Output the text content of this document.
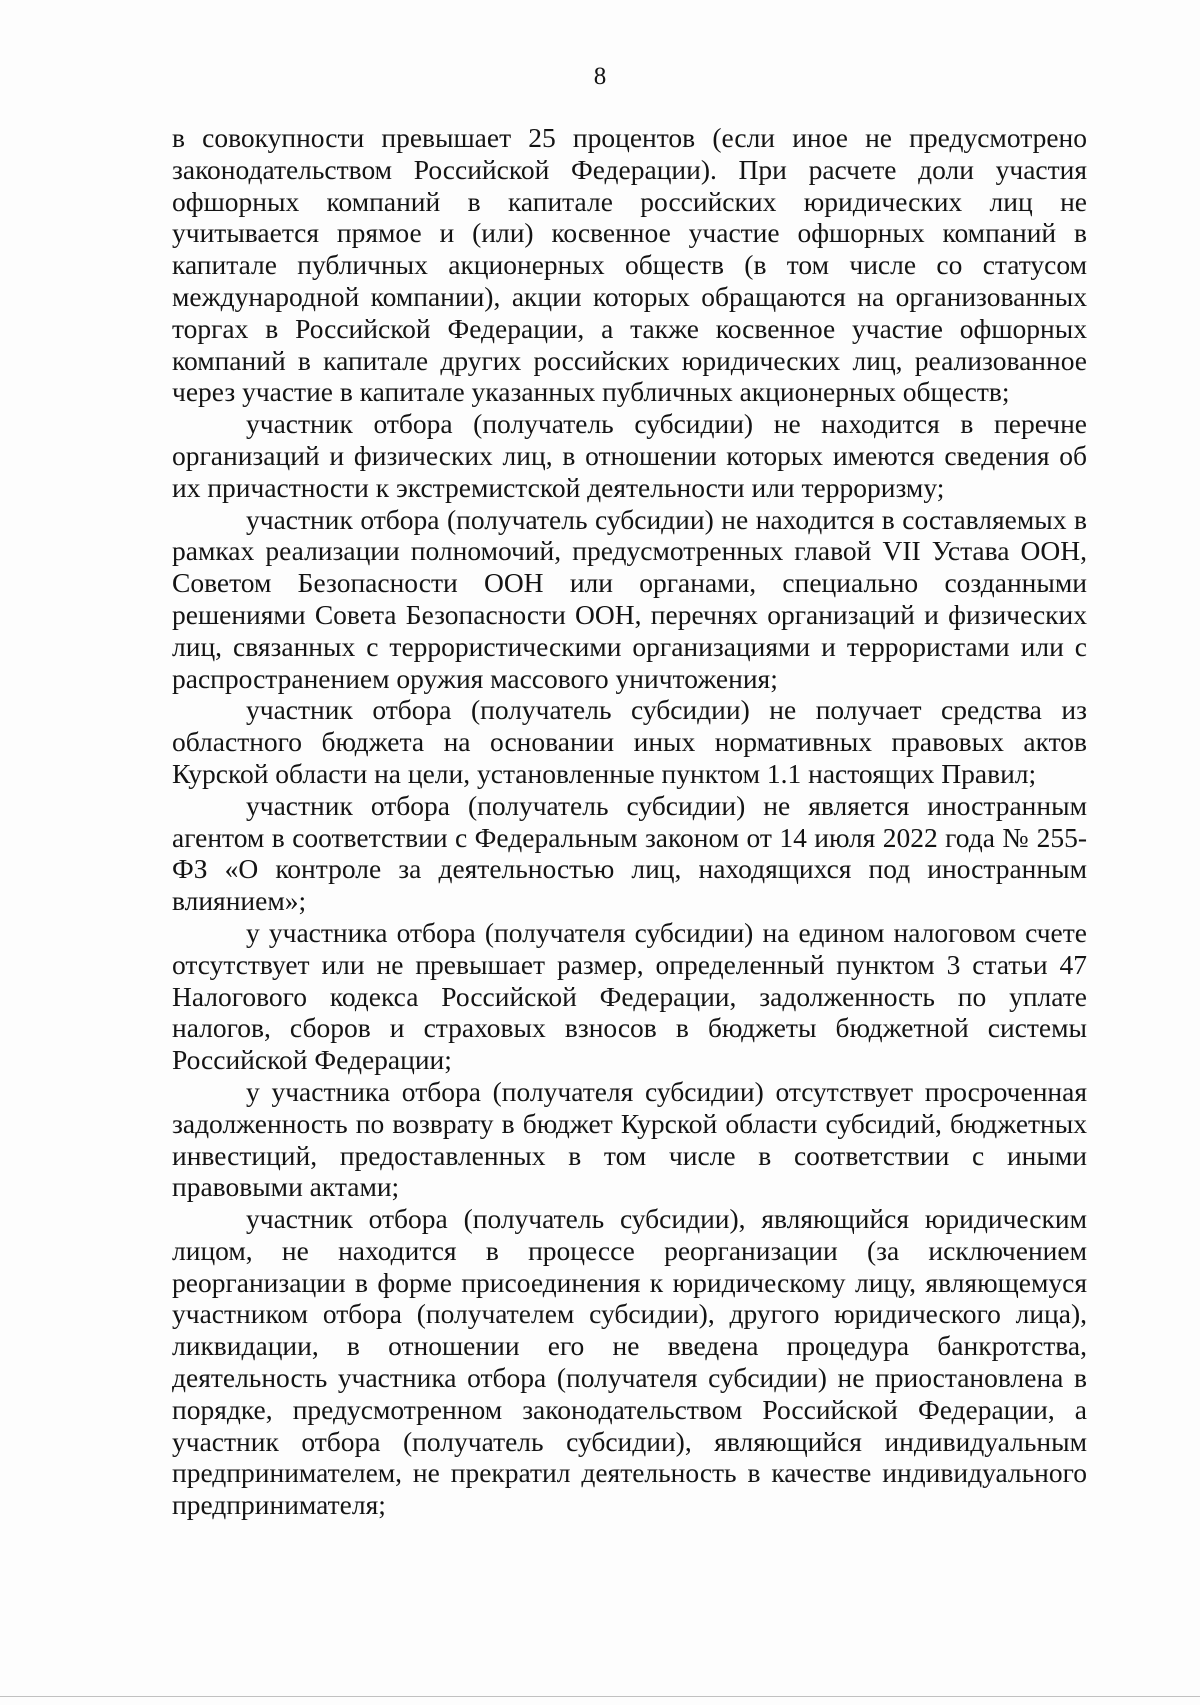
8

в совокупности превышает 25 процентов (если иное не предусмотрено законодательством Российской Федерации). При расчете доли участия офшорных компаний в капитале российских юридических лиц не учитывается прямое и (или) косвенное участие офшорных компаний в капитале публичных акционерных обществ (в том числе со статусом международной компании), акции которых обращаются на организованных торгах в Российской Федерации, а также косвенное участие офшорных компаний в капитале других российских юридических лиц, реализованное через участие в капитале указанных публичных акционерных обществ;

участник отбора (получатель субсидии) не находится в перечне организаций и физических лиц, в отношении которых имеются сведения об их причастности к экстремистской деятельности или терроризму;

участник отбора (получатель субсидии) не находится в составляемых в рамках реализации полномочий, предусмотренных главой VII Устава ООН, Советом Безопасности ООН или органами, специально созданными решениями Совета Безопасности ООН, перечнях организаций и физических лиц, связанных с террористическими организациями и террористами или с распространением оружия массового уничтожения;

участник отбора (получатель субсидии) не получает средства из областного бюджета на основании иных нормативных правовых актов Курской области на цели, установленные пунктом 1.1 настоящих Правил;

участник отбора (получатель субсидии) не является иностранным агентом в соответствии с Федеральным законом от 14 июля 2022 года № 255-ФЗ «О контроле за деятельностью лиц, находящихся под иностранным влиянием»;

у участника отбора (получателя субсидии) на едином налоговом счете отсутствует или не превышает размер, определенный пунктом 3 статьи 47 Налогового кодекса Российской Федерации, задолженность по уплате налогов, сборов и страховых взносов в бюджеты бюджетной системы Российской Федерации;

у участника отбора (получателя субсидии) отсутствует просроченная задолженность по возврату в бюджет Курской области субсидий, бюджетных инвестиций, предоставленных в том числе в соответствии с иными правовыми актами;

участник отбора (получатель субсидии), являющийся юридическим лицом, не находится в процессе реорганизации (за исключением реорганизации в форме присоединения к юридическому лицу, являющемуся участником отбора (получателем субсидии), другого юридического лица), ликвидации, в отношении его не введена процедура банкротства, деятельность участника отбора (получателя субсидии) не приостановлена в порядке, предусмотренном законодательством Российской Федерации, а участник отбора (получатель субсидии), являющийся индивидуальным предпринимателем, не прекратил деятельность в качестве индивидуального предпринимателя;
